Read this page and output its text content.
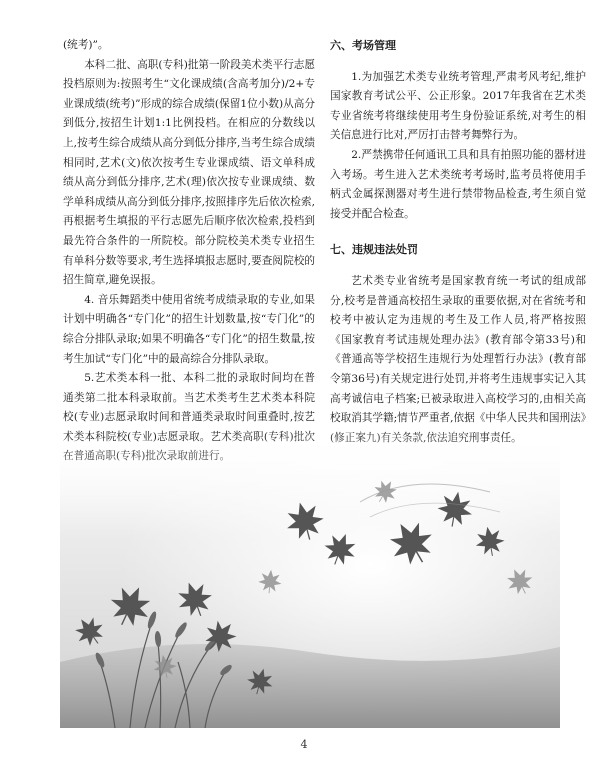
(统考)”。

本科二批、高职(专科)批第一阶段美术类平行志愿投档原则为:按照考生“文化课成绩(含高考加分)/2+专业课成绩(统考)”形成的综合成绩(保留1位小数)从高分到低分,按招生计划1:1比例投档。在相应的分数线以上,按考生综合成绩从高分到低分排序,当考生综合成绩相同时,艺术(文)依次按考生专业课成绩、语文单科成绩从高分到低分排序,艺术(理)依次按专业课成绩、数学单科成绩从高分到低分排序,按照排序先后依次检索,再根据考生填报的平行志愿先后顺序依次检索,投档到最先符合条件的一所院校。部分院校美术类专业招生有单科分数等要求,考生选择填报志愿时,要查阅院校的招生简章,避免误报。

4. 音乐舞蹈类中使用省统考成绩录取的专业,如果计划中明确各“专门化”的招生计划数量,按“专门化”的综合分排队录取;如果不明确各“专门化”的招生数量,按考生加试“专门化”中的最高综合分排队录取。

5.艺术类本科一批、本科二批的录取时间均在普通类第二批本科录取前。当艺术类考生艺术类本科院校(专业)志愿录取时间和普通类录取时间重叠时,按艺

六、考场管理

1.为加强艺术类专业统考管理,严肃考风考纪,维护国家教育考试公平、公正形象。2017年我省在艺术类专业省统考将继续使用考生身份验证系统,对考生的相关信息进行比对,严厉打击替考舞弊行为。

2.严禁携带任何通讯工具和具有拍照功能的器材进入考场。考生进入艺术类统考考场时,监考员将使用手柄式金属探测器对考生进行禁带物品检查,考生须自觉接受并配合检查。

七、违规违法处罚

艺术类专业省统考是国家教育统一考试的组成部分,校考是普通高校招生录取的重要依据,对在省统考和校考中被认定为违规的考生及工作人员,将严格按照《国家教育考试违规处理办法》(教育部令第33号)和《普通高等学校招生违规行为处理暂行办法》(教育部令第36号)有关规定进行处罚,并将考生违规事实记入其高考诚信电子档案;已被录取进入高校学习的,由相关高校取消其学籍;情节严重者,依据《中华人民共和国刑法》

4
